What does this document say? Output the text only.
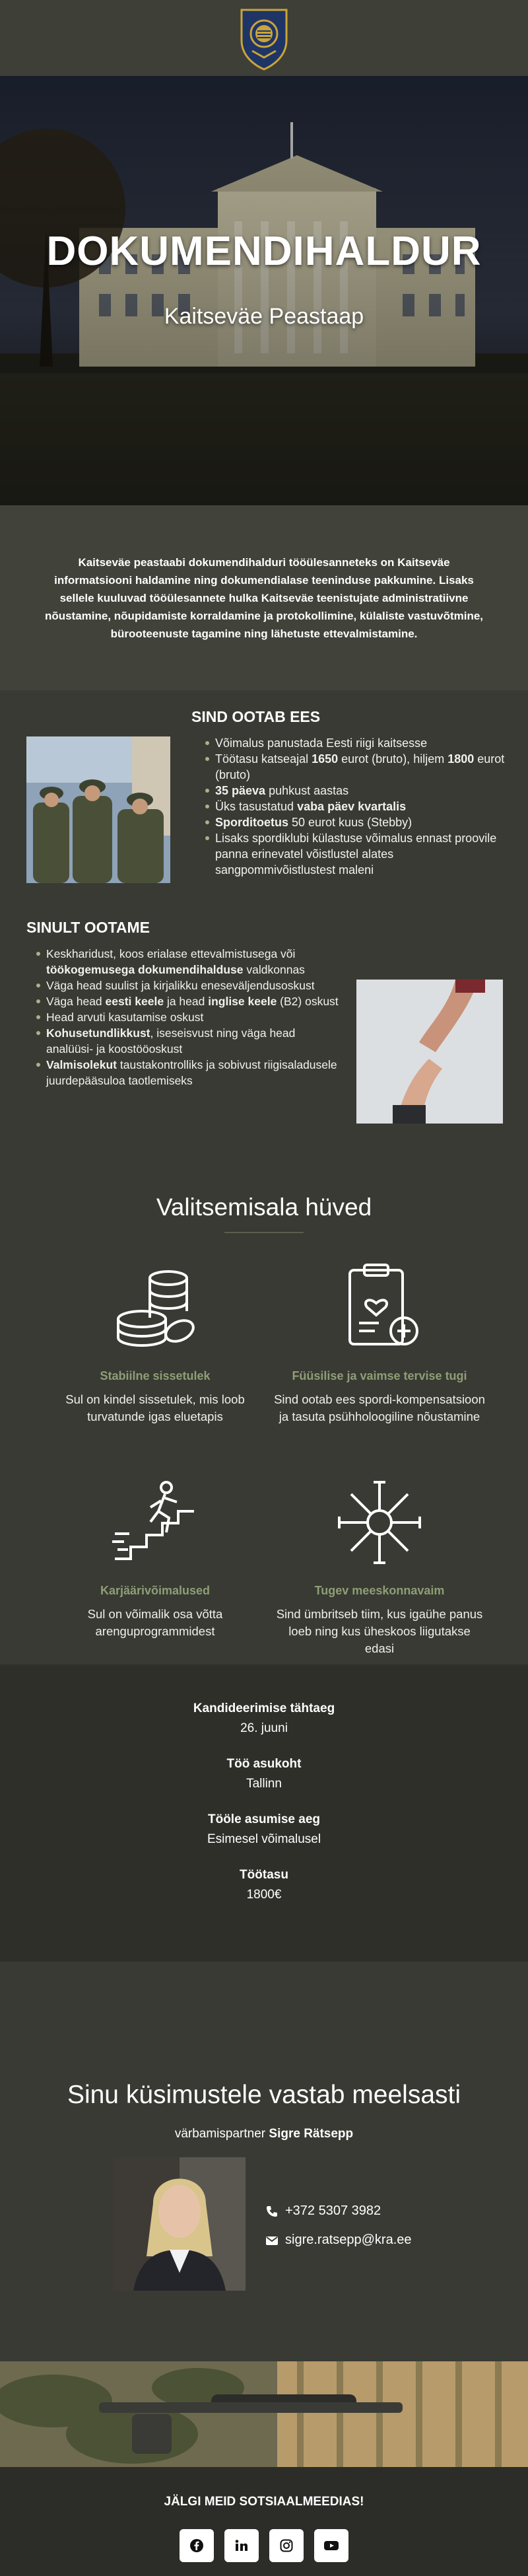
DOKUMENDIHALDUR
Kaitseväe Peastaap

Kaitseväe peastaabi dokumendihalduri tööülesanneteks on Kaitseväe informatsiooni haldamine ning dokumendialase teeninduse pakkumine. Lisaks sellele kuuluvad tööülesannete hulka Kaitseväe teenistujate administratiivne nõustamine, nõupidamiste korraldamine ja protokollimine, külaliste vastuvõtmine, bürooteenuste tagamine ning lähetuste ettevalmistamine.

SIND OOTAB EES
Võimalus panustada Eesti riigi kaitsesse
Töötasu katseajal 1650 eurot (bruto), hiljem 1800 eurot (bruto)
35 päeva puhkust aastas
Üks tasustatud vaba päev kvartalis
Sporditoetus 50 eurot kuus (Stebby)
Lisaks spordiklubi külastuse võimalus ennast proovile panna erinevatel võistlustel alates sangpommivõistlustest maleni
SINULT OOTAME
Keskharidust, koos erialase ettevalmistusega või töökogemusega dokumendihalduse valdkonnas
Väga head suulist ja kirjalikku eneseväljendusoskust
Väga head eesti keele ja head inglise keele (B2) oskust
Head arvuti kasutamise oskust
Kohusetundlikkust, iseseisvust ning väga head analüüsi- ja koostööoskust
Valmisolekut taustakontrolliks ja sobivust riigisaladusele juurdepääsuloa taotlemiseks
Valitsemisala hüved
Stabiilne sissetulek
Sul on kindel sissetulek, mis loob turvatunde igas eluetapis
Füüsilise ja vaimse tervise tugi
Sind ootab ees spordi-kompensatsioon ja tasuta psühholoogiline nõustamine
Karjäärivõimalused
Sul on võimalik osa võtta arenguprogrammidest
Tugev meeskonnavaim
Sind ümbritseb tiim, kus igaühe panus loeb ning kus üheskoos liigutakse edasi
Kandideerimise tähtaeg
26. juuni
Töö asukoht
Tallinn
Tööle asumise aeg
Esimesel võimalusel
Töötasu
1800€
Sinu küsimustele vastab meelsasti
värbamispartner Sigre Rätsepp
+372 5307 3982
sigre.ratsepp@kra.ee
JÄLGI MEID SOTSIAALMEEDIAS!
